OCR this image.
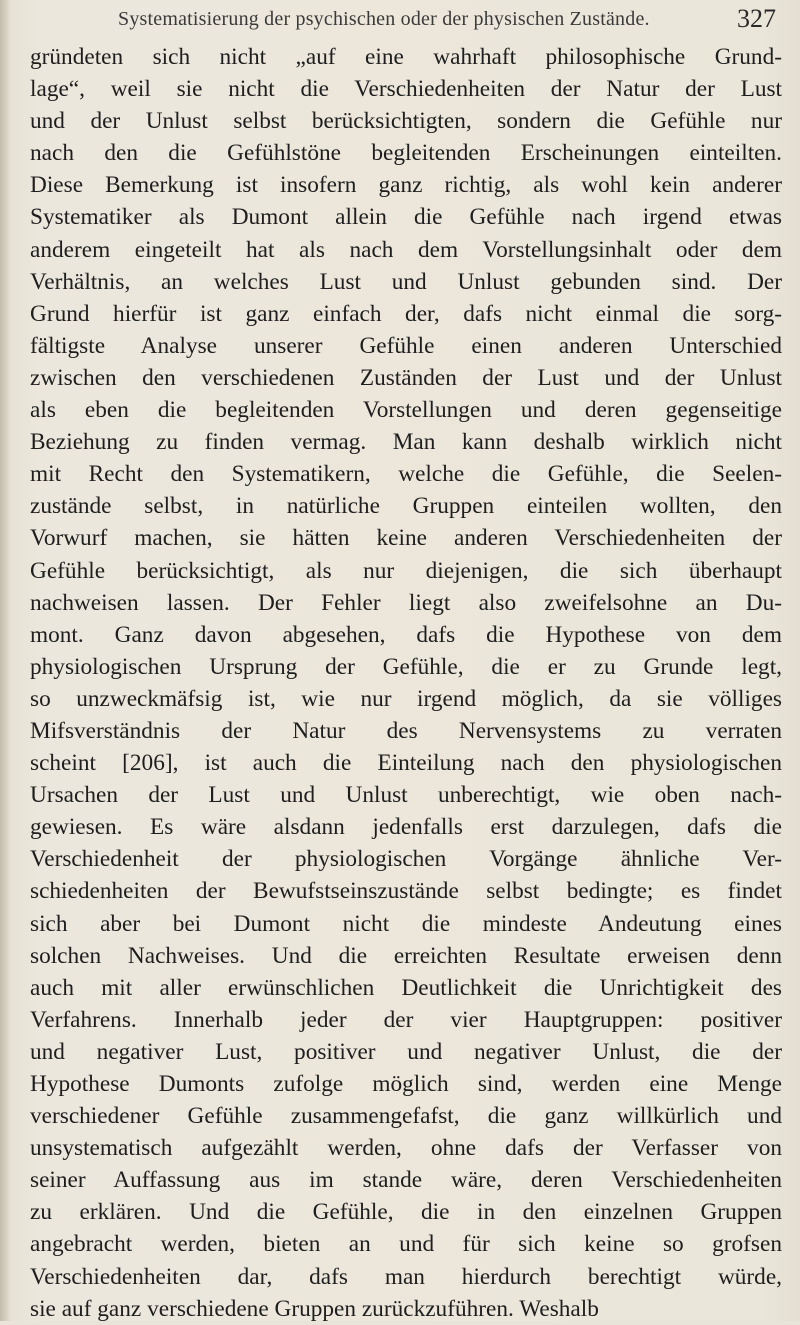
Systematisierung der psychischen oder der physischen Zustände.	327
gründeten sich nicht „auf eine wahrhaft philosophische Grund-
lage“, weil sie nicht die Verschiedenheiten der Natur der Lust
und der Unlust selbst berücksichtigten, sondern die Gefühle nur
nach den die Gefühlstöne begleitenden Erscheinungen einteilten.
Diese Bemerkung ist insofern ganz richtig, als wohl kein anderer
Systematiker als Dumont allein die Gefühle nach irgend etwas
anderem eingeteilt hat als nach dem Vorstellungsinhalt oder dem
Verhältnis, an welches Lust und Unlust gebunden sind. Der
Grund hierfür ist ganz einfach der, dafs nicht einmal die sorg-
fältigste Analyse unserer Gefühle einen anderen Unterschied
zwischen den verschiedenen Zuständen der Lust und der Unlust
als eben die begleitenden Vorstellungen und deren gegenseitige
Beziehung zu finden vermag. Man kann deshalb wirklich nicht
mit Recht den Systematikern, welche die Gefühle, die Seelen-
zustände selbst, in natürliche Gruppen einteilen wollten, den
Vorwurf machen, sie hätten keine anderen Verschiedenheiten der
Gefühle berücksichtigt, als nur diejenigen, die sich überhaupt
nachweisen lassen. Der Fehler liegt also zweifelsohne an Du-
mont. Ganz davon abgesehen, dafs die Hypothese von dem
physiologischen Ursprung der Gefühle, die er zu Grunde legt,
so unzweckmäfsig ist, wie nur irgend möglich, da sie völliges
Mifsverständnis der Natur des Nervensystems zu verraten
scheint [206], ist auch die Einteilung nach den physiologischen
Ursachen der Lust und Unlust unberechtigt, wie oben nach-
gewiesen. Es wäre alsdann jedenfalls erst darzulegen, dafs die
Verschiedenheit der physiologischen Vorgänge ähnliche Ver-
schiedenheiten der Bewufstseinszustände selbst bedingte; es findet
sich aber bei Dumont nicht die mindeste Andeutung eines
solchen Nachweises. Und die erreichten Resultate erweisen denn
auch mit aller erwünschlichen Deutlichkeit die Unrichtigkeit des
Verfahrens. Innerhalb jeder der vier Hauptgruppen: positiver
und negativer Lust, positiver und negativer Unlust, die der
Hypothese Dumonts zufolge möglich sind, werden eine Menge
verschiedener Gefühle zusammengefafst, die ganz willkürlich und
unsystematisch aufgezählt werden, ohne dafs der Verfasser von
seiner Auffassung aus im stande wäre, deren Verschiedenheiten
zu erklären. Und die Gefühle, die in den einzelnen Gruppen
angebracht werden, bieten an und für sich keine so grofsen
Verschiedenheiten dar, dafs man hierdurch berechtigt würde,
sie auf ganz verschiedene Gruppen zurückzuführen. Weshalb
